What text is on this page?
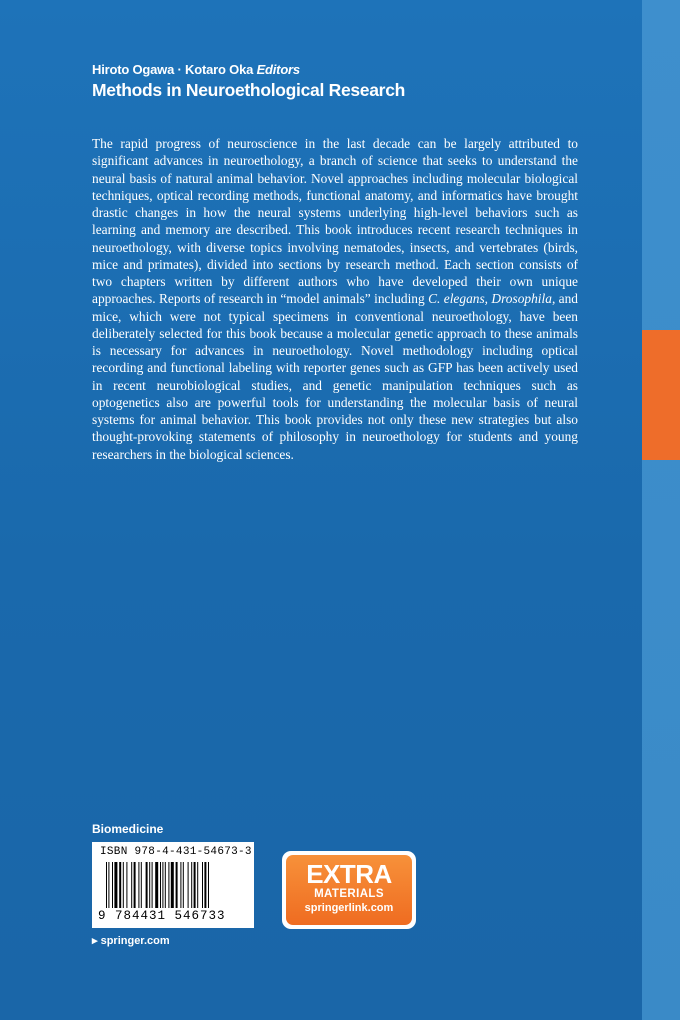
Hiroto Ogawa · Kotaro Oka Editors
Methods in Neuroethological Research

The rapid progress of neuroscience in the last decade can be largely attributed to significant advances in neuroethology, a branch of science that seeks to understand the neural basis of natural animal behavior. Novel approaches including molecular biological techniques, optical recording methods, functional anatomy, and informatics have brought drastic changes in how the neural systems underlying high-level behaviors such as learning and memory are described. This book introduces recent research techniques in neuroethology, with diverse topics involving nematodes, insects, and vertebrates (birds, mice and primates), divided into sections by research method. Each section consists of two chapters written by different authors who have developed their own unique approaches. Reports of research in “model animals” including C. elegans, Drosophila, and mice, which were not typical specimens in conventional neuroethology, have been deliberately selected for this book because a molecular genetic approach to these animals is necessary for advances in neuroethology. Novel methodology including optical recording and functional labeling with reporter genes such as GFP has been actively used in recent neurobiological studies, and genetic manipulation techniques such as optogenetics also are powerful tools for understanding the molecular basis of neural systems for animal behavior. This book provides not only these new strategies but also thought-provoking statements of philosophy in neuroethology for students and young researchers in the biological sciences.

Biomedicine
ISBN 978-4-431-54673-3
9 784431 546733
▸ springer.com
EXTRA
MATERIALS
springerlink.com
